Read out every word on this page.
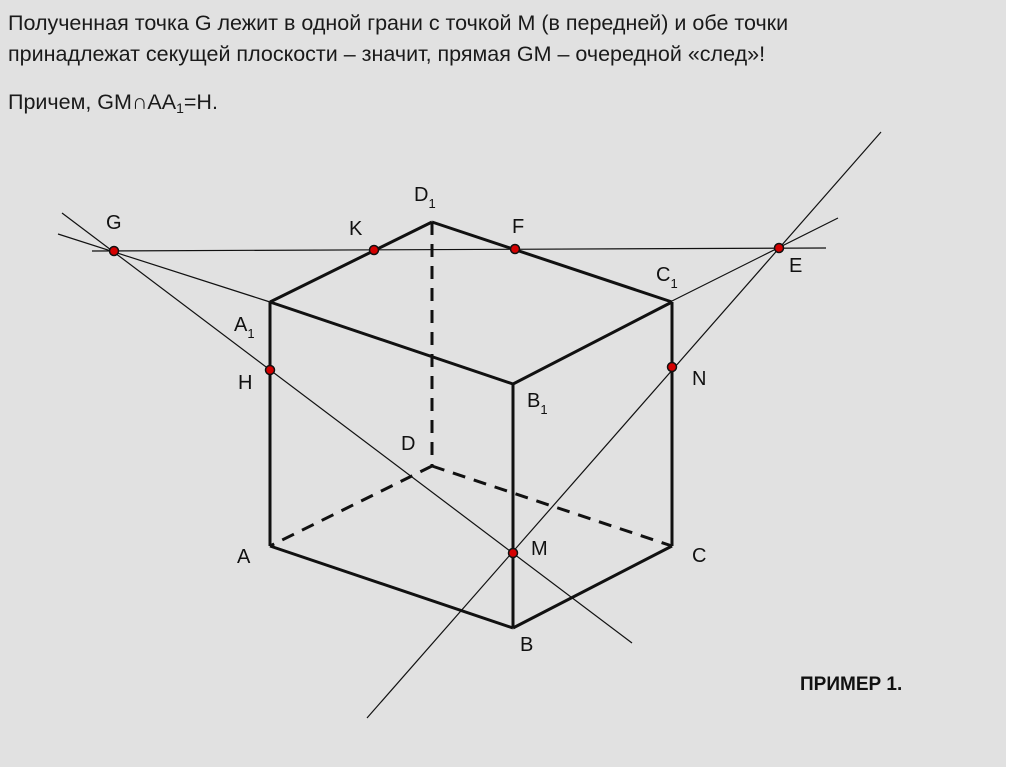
Полученная точка G лежит в одной грани с точкой M (в передней) и обе точки

принадлежат секущей плоскости – значит, прямая GM – очередной «след»!

Причем, $GM\cap AA_1=H$.

G	K	F
E
H	N
M
A
B
C
D
$A_1$
$B_1$
$C_1$
$D_1$
ПРИМЕР 1.
